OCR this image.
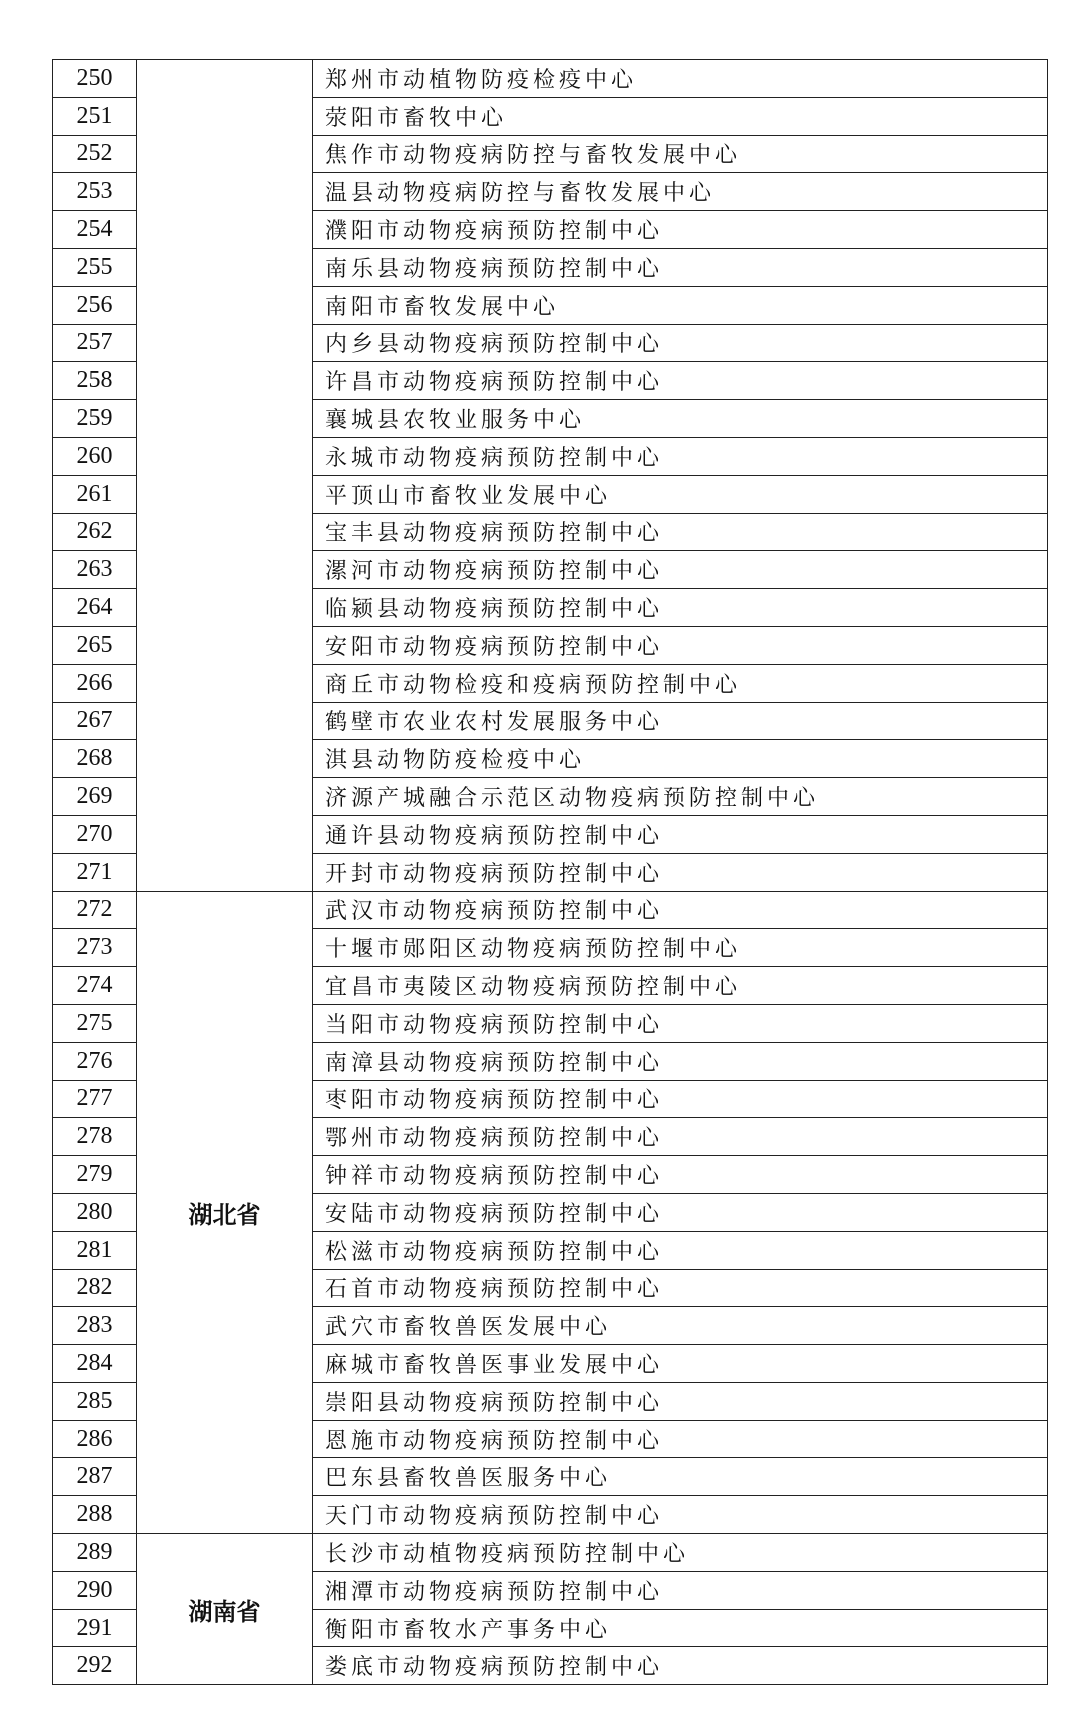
250		郑州市动植物防疫检疫中心
251		荥阳市畜牧中心
252		焦作市动物疫病防控与畜牧发展中心
253		温县动物疫病防控与畜牧发展中心
254		濮阳市动物疫病预防控制中心
255		南乐县动物疫病预防控制中心
256		南阳市畜牧发展中心
257		内乡县动物疫病预防控制中心
258		许昌市动物疫病预防控制中心
259		襄城县农牧业服务中心
260		永城市动物疫病预防控制中心
261		平顶山市畜牧业发展中心
262		宝丰县动物疫病预防控制中心
263		漯河市动物疫病预防控制中心
264		临颍县动物疫病预防控制中心
265		安阳市动物疫病预防控制中心
266		商丘市动物检疫和疫病预防控制中心
267		鹤壁市农业农村发展服务中心
268		淇县动物防疫检疫中心
269		济源产城融合示范区动物疫病预防控制中心
270		通许县动物疫病预防控制中心
271		开封市动物疫病预防控制中心
272	湖北省	武汉市动物疫病预防控制中心
273		十堰市郧阳区动物疫病预防控制中心
274		宜昌市夷陵区动物疫病预防控制中心
275		当阳市动物疫病预防控制中心
276		南漳县动物疫病预防控制中心
277		枣阳市动物疫病预防控制中心
278		鄂州市动物疫病预防控制中心
279		钟祥市动物疫病预防控制中心
280		安陆市动物疫病预防控制中心
281		松滋市动物疫病预防控制中心
282		石首市动物疫病预防控制中心
283		武穴市畜牧兽医发展中心
284		麻城市畜牧兽医事业发展中心
285		崇阳县动物疫病预防控制中心
286		恩施市动物疫病预防控制中心
287		巴东县畜牧兽医服务中心
288		天门市动物疫病预防控制中心
289	湖南省	长沙市动植物疫病预防控制中心
290		湘潭市动物疫病预防控制中心
291		衡阳市畜牧水产事务中心
292		娄底市动物疫病预防控制中心
